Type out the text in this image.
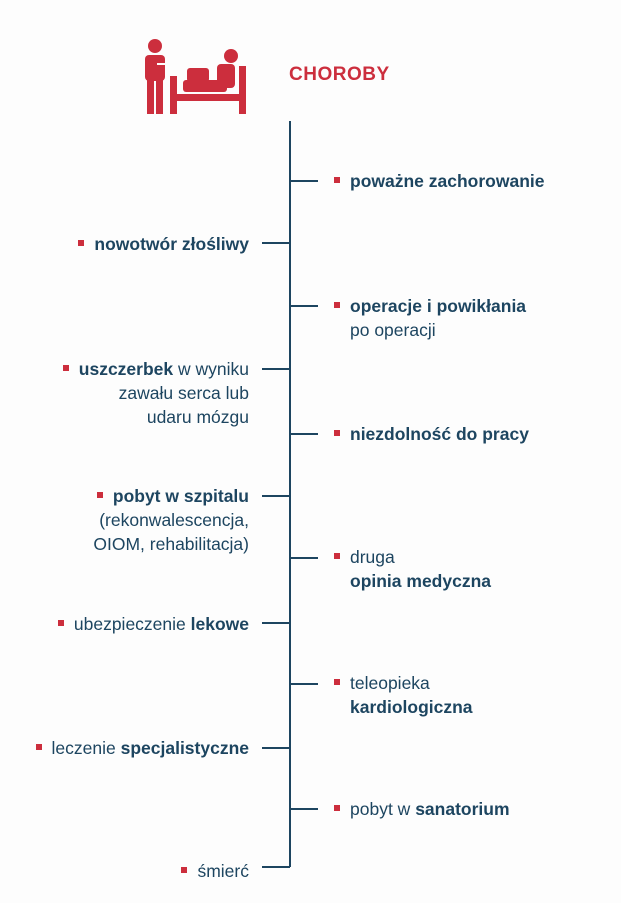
CHOROBY
poważne zachorowanie
operacje i powikłania
po operacji
niezdolność do pracy
druga
opinia medyczna
teleopieka
kardiologiczna
pobyt w sanatorium
nowotwór złośliwy
uszczerbek w wyniku
zawału serca lub
udaru mózgu
pobyt w szpitalu
(rekonwalescencja,
OIOM, rehabilitacja)
ubezpieczenie lekowe
leczenie specjalistyczne
śmierć
